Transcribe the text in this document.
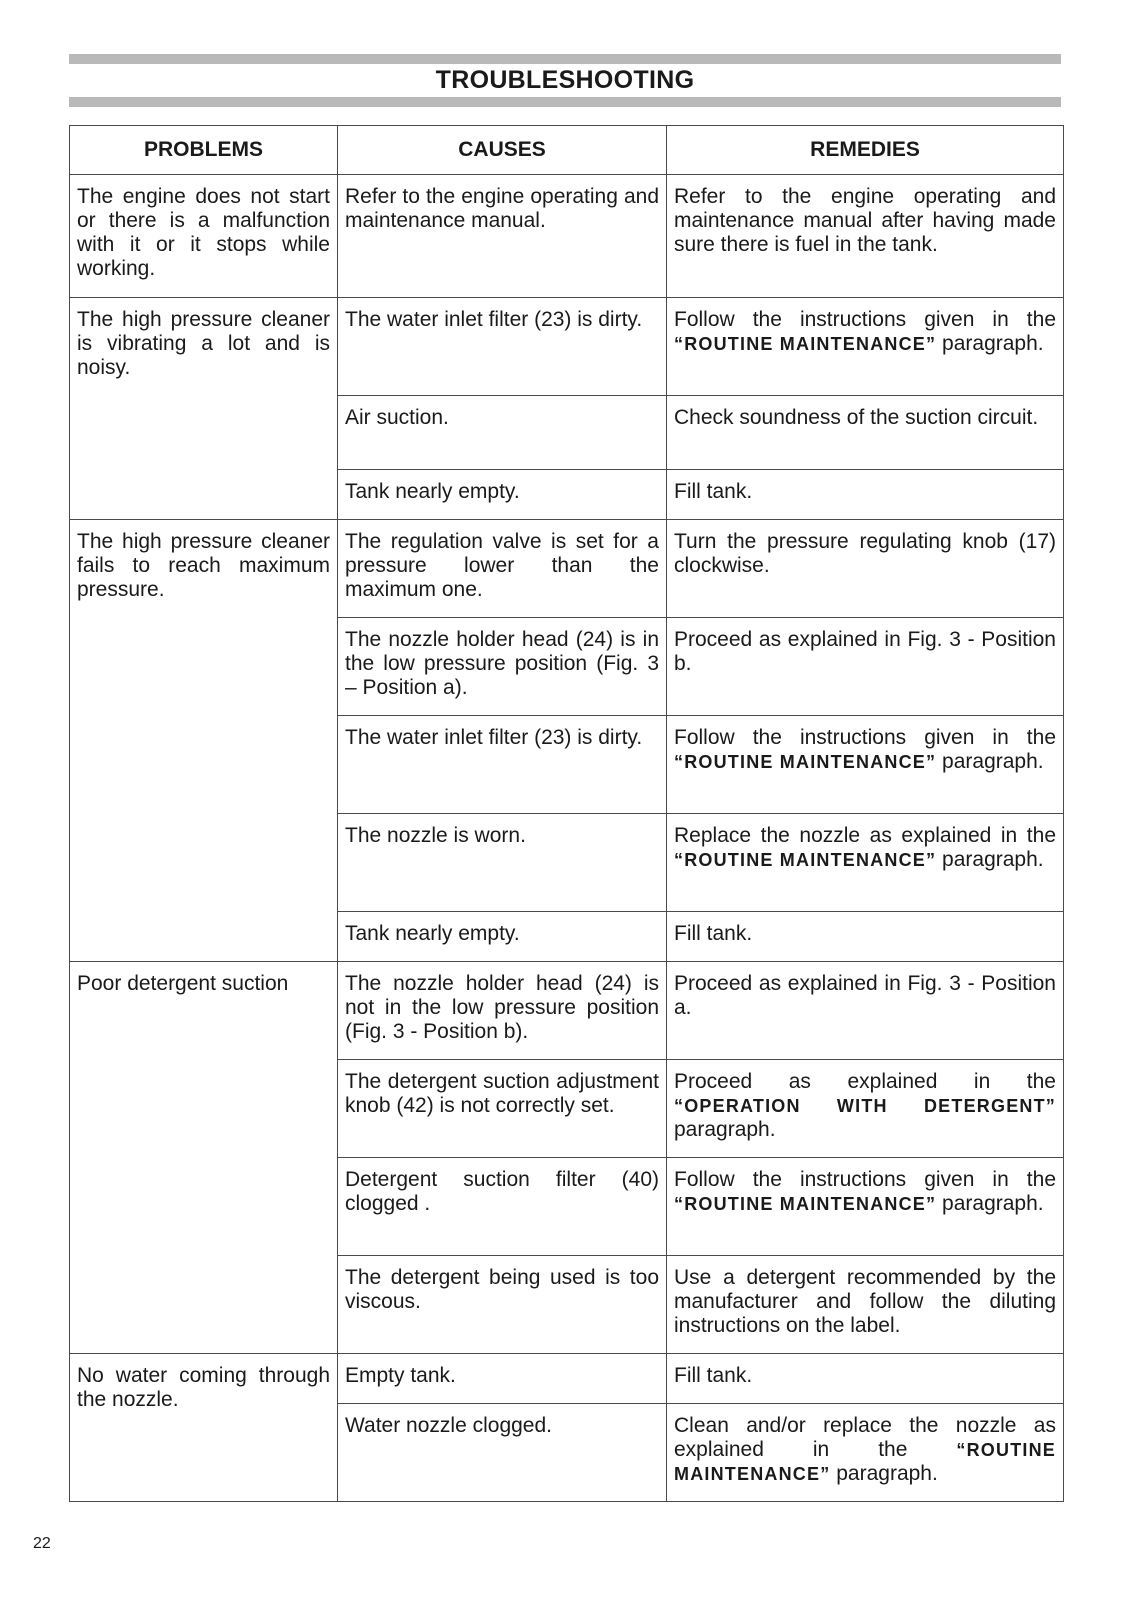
TROUBLESHOOTING
PROBLEMS	CAUSES	REMEDIES
The engine does not start or there is a malfunction with it or it stops while working.	Refer to the engine operating and maintenance manual.	Refer to the engine operating and maintenance manual after having made sure there is fuel in the tank.
The high pressure cleaner is vibrating a lot and is noisy.	The water inlet filter (23) is dirty.	Follow the instructions given in the “ROUTINE MAINTENANCE” paragraph.
	Air suction.	Check soundness of the suction circuit.
	Tank nearly empty.	Fill tank.
The high pressure cleaner fails to reach maximum pressure.	The regulation valve is set for a pressure lower than the maximum one.	Turn the pressure regulating knob (17) clockwise.
	The nozzle holder head (24) is in the low pressure position (Fig. 3 – Position a).	Proceed as explained in Fig. 3 - Position b.
	The water inlet filter (23) is dirty.	Follow the instructions given in the “ROUTINE MAINTENANCE” paragraph.
	The nozzle is worn.	Replace the nozzle as explained in the “ROUTINE MAINTENANCE” paragraph.
	Tank nearly empty.	Fill tank.
Poor detergent suction	The nozzle holder head (24) is not in the low pressure position (Fig. 3 - Position b).	Proceed as explained in Fig. 3 - Position a.
	The detergent suction adjustment knob (42) is not correctly set.	Proceed as explained in the “OPERATION WITH DETERGENT” paragraph.
	Detergent suction filter (40) clogged .	Follow the instructions given in the “ROUTINE MAINTENANCE” paragraph.
	The detergent being used is too viscous.	Use a detergent recommended by the manufacturer and follow the diluting instructions on the label.
No water coming through the nozzle.	Empty tank.	Fill tank.
	Water nozzle clogged.	Clean and/or replace the nozzle as explained in the “ROUTINE MAINTENANCE” paragraph.
22
